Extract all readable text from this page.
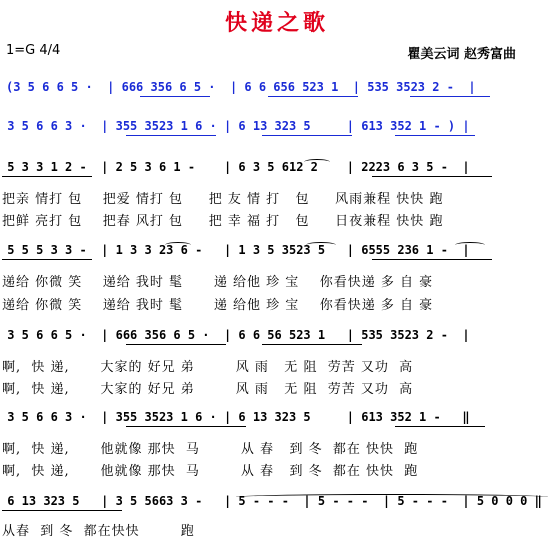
快递之歌
1=G 4/4	瞿美云词 赵秀富曲
(3 5 6 6 5 ·  | 666 356 6 5 ·  | 6 6 656 523 1  | 535 3523 2 -  |
3 5 6 6 3 ·  | 355 3523 1 6 · | 6 13 323 5     | 613 352 1 - ) |
5 3 3 1 2 -  | 2 5 3 6 1 -    | 6 3 5 612 2    | 2223 6 3 5 -  |
把亲 情打 包    把爱 情打 包     把 友 情 打   包     风雨兼程 快快 跑
把鲜 亮打 包    把春 风打 包     把 幸 福 打   包     日夜兼程 快快 跑
5 5 5 3 3 -  | 1 3 3 23 6 -   | 1 3 5 3523 5   | 6555 236 1 -  |
递给 你微 笑    递给 我时 髦      递 给他 珍 宝    你看快递 多 自 豪
递给 你微 笑    递给 我时 髦      递 给他 珍 宝    你看快递 多 自 豪
3 5 6 6 5 ·  | 666 356 6 5 ·  | 6 6 56 523 1   | 535 3523 2 -  |
啊,  快 递,      大家的 好兄 弟        风 雨   无 阻  劳苦 又功  高
啊,  快 递,      大家的 好兄 弟        风 雨   无 阻  劳苦 又功  高
3 5 6 6 3 ·  | 355 3523 1 6 · | 6 13 323 5     | 613 352 1 -   ‖
啊,  快 递,      他就像 那快  马        从 春   到 冬  都在 快快  跑
啊,  快 递,      他就像 那快  马        从 春   到 冬  都在 快快  跑
6 13 323 5   | 3 5 5663 3 -   | 5 - - -  | 5 - - -  | 5 - - -  | 5 0 0 0 ‖
从春  到 冬  都在快快        跑
